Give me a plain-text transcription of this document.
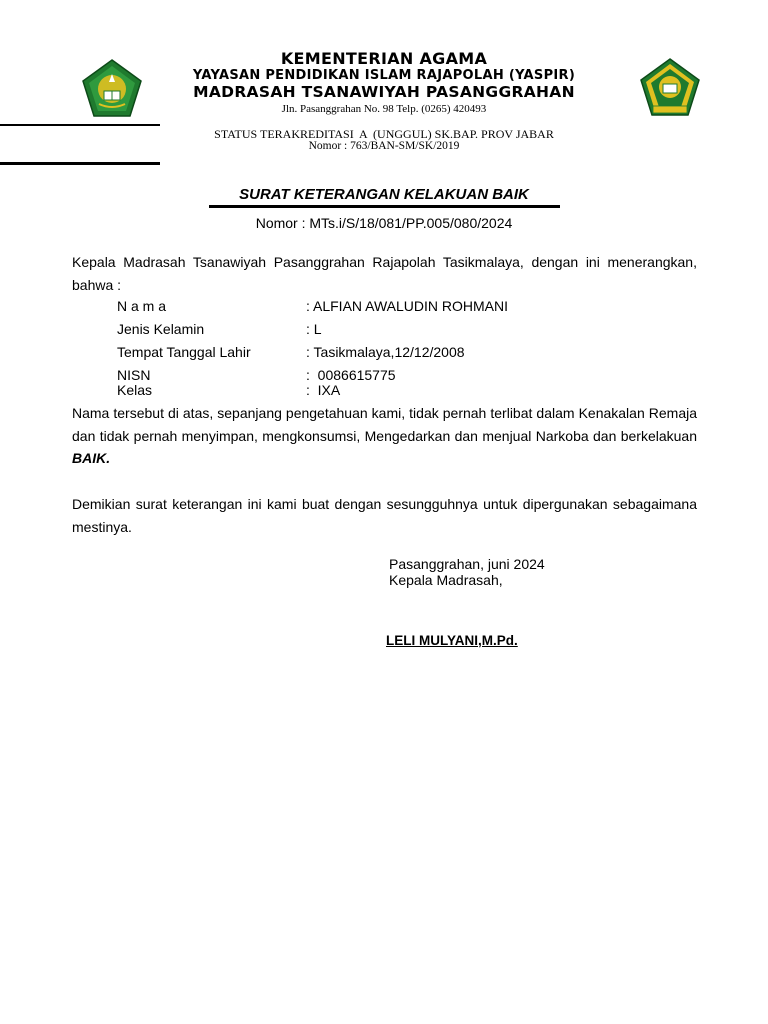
KEMENTERIAN AGAMA
YAYASAN PENDIDIKAN ISLAM RAJAPOLAH (YASPIR)
MADRASAH TSANAWIYAH PASANGGRAHAN
Jln. Pasanggrahan No. 98 Telp. (0265) 420493
STATUS TERAKREDITASI  A  (UNGGUL) SK.BAP. PROV JABAR
Nomor : 763/BAN-SM/SK/2019
SURAT KETERANGAN KELAKUAN BAIK
Nomor : MTs.i/S/18/081/PP.005/080/2024
Kepala Madrasah Tsanawiyah Pasanggrahan Rajapolah Tasikmalaya, dengan ini menerangkan, bahwa :
N a m a	: ALFIAN AWALUDIN ROHMANI
Jenis Kelamin	: L
Tempat Tanggal Lahir	: Tasikmalaya,12/12/2008
NISN	:  0086615775
Kelas	:  IXA
Nama tersebut di atas, sepanjang pengetahuan kami, tidak pernah terlibat dalam Kenakalan Remaja dan tidak pernah menyimpan, mengkonsumsi, Mengedarkan dan menjual Narkoba dan berkelakuan BAIK.
Demikian surat keterangan ini kami buat dengan sesungguhnya untuk dipergunakan sebagaimana mestinya.
Pasanggrahan, juni 2024
Kepala Madrasah,
LELI MULYANI,M.Pd.
